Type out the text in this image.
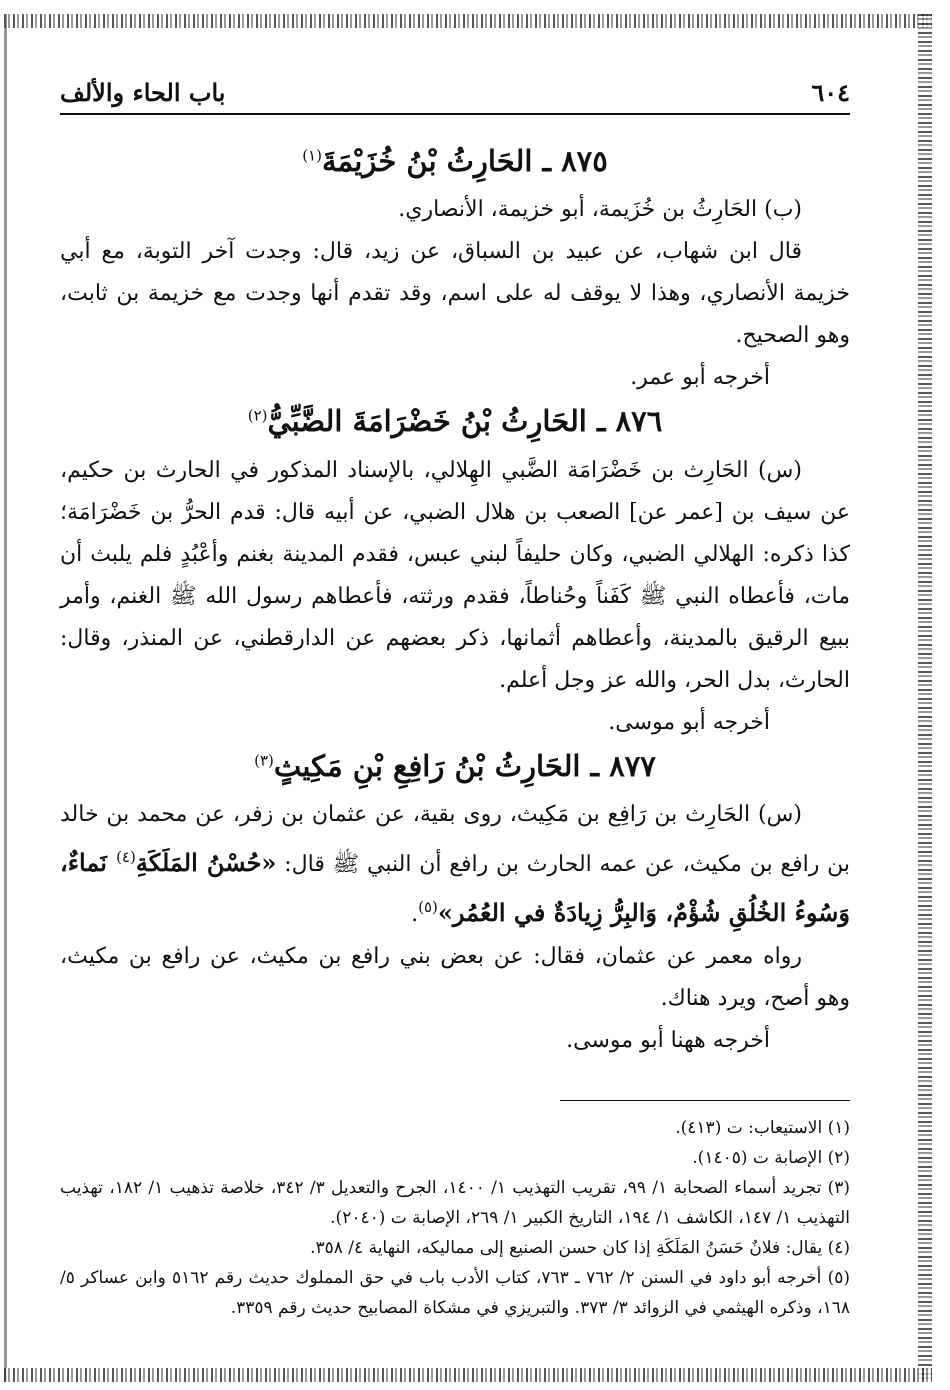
٦٠٤
باب الحاء والألف
٨٧٥ ـ الحَارِثُ بْنُ خُزَيْمَةَ$^{(١)}$

(ب) الحَارِثُ بن خُزَيمة، أبو خزيمة، الأنصاري.

قال ابن شهاب، عن عبيد بن السباق، عن زيد، قال: وجدت آخر التوبة، مع أبي خزيمة الأنصاري، وهذا لا يوقف له على اسم، وقد تقدم أنها وجدت مع خزيمة بن ثابت، وهو الصحيح.

أخرجه أبو عمر.

٨٧٦ ـ الحَارِثُ بْنُ خَضْرَامَةَ الضَّبِّيُّ$^{(٢)}$

(س) الحَارِث بن خَضْرَامَة الضَّبي الهِلالي، بالإسناد المذكور في الحارث بن حكيم، عن سيف بن [عمر عن] الصعب بن هلال الضبي، عن أبيه قال: قدم الحرُّ بن خَضْرَامَة؛ كذا ذكره: الهلالي الضبي، وكان حليفاً لبني عبس، فقدم المدينة بغنم وأعْبُدٍ فلم يلبث أن مات، فأعطاه النبي ﷺ كَفَناً وحُناطاً، فقدم ورثته، فأعطاهم رسول الله ﷺ الغنم، وأمر ببيع الرقيق بالمدينة، وأعطاهم أثمانها، ذكر بعضهم عن الدارقطني، عن المنذر، وقال: الحارث، بدل الحر، والله عز وجل أعلم.

أخرجه أبو موسى.

٨٧٧ ـ الحَارِثُ بْنُ رَافِعِ بْنِ مَكِيثٍ$^{(٣)}$

(س) الحَارِث بن رَافِع بن مَكِيث، روى بقية، عن عثمان بن زفر، عن محمد بن خالد بن رافع بن مكيث، عن عمه الحارث بن رافع أن النبي ﷺ قال: «حُسْنُ المَلَكَةِ$^{(٤)}$ نَماءٌ، وَسُوءُ الخُلُقِ شُؤْمٌ، وَالبِرُّ زِيادَةٌ في العُمُر»$^{(٥)}$.

رواه معمر عن عثمان، فقال: عن بعض بني رافع بن مكيث، عن رافع بن مكيث، وهو أصح، ويرد هناك.

أخرجه ههنا أبو موسى.

(١) الاستيعاب: ت (٤١٣).

(٢) الإصابة ت (١٤٠٥).

(٣) تجريد أسماء الصحابة ١/ ٩٩، تقريب التهذيب ١/ ١٤٠٠، الجرح والتعديل ٣/ ٣٤٢، خلاصة تذهيب ١/ ١٨٢، تهذيب التهذيب ١/ ١٤٧، الكاشف ١/ ١٩٤، التاريخ الكبير ١/ ٢٦٩، الإصابة ت (٢٠٤٠).

(٤) يقال: فلانٌ حَسَنُ المَلَكَةِ إذا كان حسن الصنيع إلى مماليكه، النهاية ٤/ ٣٥٨.

(٥) أخرجه أبو داود في السنن ٢/ ٧٦٢ ـ ٧٦٣، كتاب الأدب باب في حق المملوك حديث رقم ٥١٦٢ وابن عساكر ٥/ ١٦٨، وذكره الهيثمي في الزوائد ٣/ ٣٧٣. والتبريزي في مشكاة المصابيح حديث رقم ٣٣٥٩.
